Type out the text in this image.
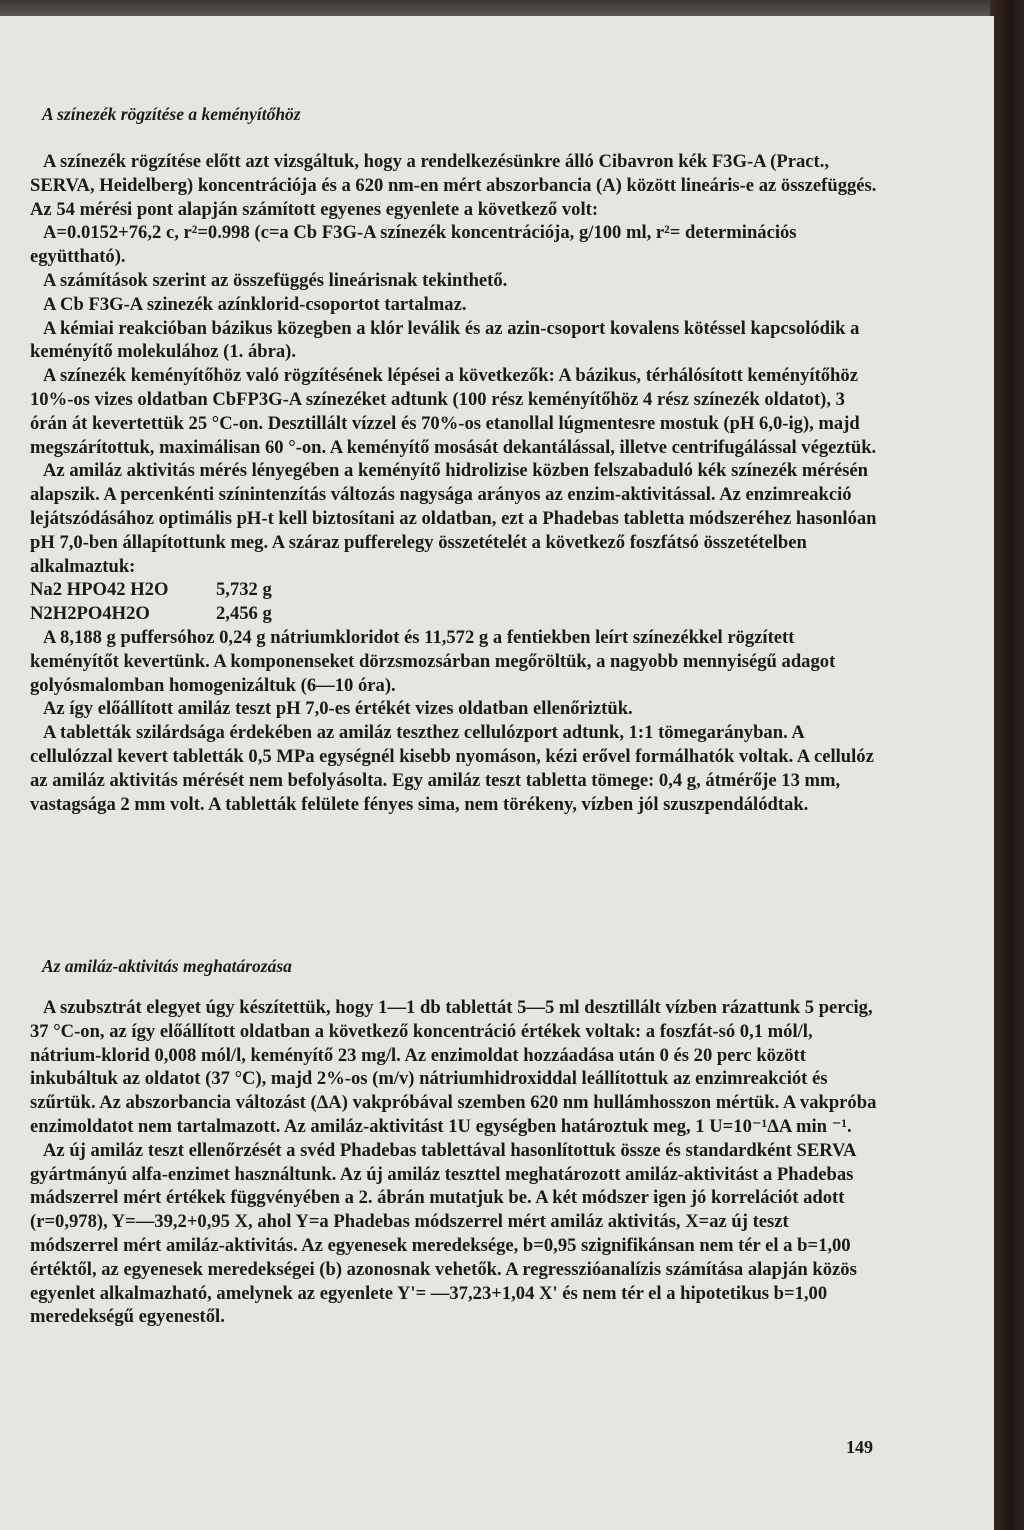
A színezék rögzítése a keményítőhöz

A színezék rögzítése előtt azt vizsgáltuk, hogy a rendelkezésünkre álló Cibavron kék F3G-A (Pract., SERVA, Heidelberg) koncentrációja és a 620 nm-en mért abszorbancia (A) között lineáris-e az összefüggés. Az 54 mérési pont alapján számított egyenes egyenlete a következő volt:

A=0.0152+76,2 c, r²=0.998 (c=a Cb F3G-A színezék koncentrációja, g/100 ml, r²= determinációs együttható).

A számítások szerint az összefüggés lineárisnak tekinthető.

A Cb F3G-A szinezék azínklorid-csoportot tartalmaz.

A kémiai reakcióban bázikus közegben a klór leválik és az azin-csoport kovalens kötéssel kapcsolódik a keményítő molekulához (1. ábra).

A színezék keményítőhöz való rögzítésének lépései a következők: A bázikus, térhálósított keményítőhöz 10%-os vizes oldatban CbFP3G-A színezéket adtunk (100 rész keményítőhöz 4 rész színezék oldatot), 3 órán át kevertettük 25 °C-on. Desztillált vízzel és 70%-os etanollal lúgmentesre mostuk (pH 6,0-ig), majd megszárítottuk, maximálisan 60 °-on. A keményítő mosását dekantálással, illetve centrifugálással végeztük.

Az amiláz aktivitás mérés lényegében a keményítő hidrolizise közben felszabaduló kék színezék mérésén alapszik. A percenkénti színintenzítás változás nagysága arányos az enzim-aktivitással. Az enzimreakció lejátszódásához optimális pH-t kell biztosítani az oldatban, ezt a Phadebas tabletta módszeréhez hasonlóan pH 7,0-ben állapítottunk meg. A száraz pufferelegy összetételét a következő foszfátsó összetételben alkalmaztuk:

Na2 HPO42 H2O	5,732 g
N2H2PO4H2O	2,456 g

A 8,188 g puffersóhoz 0,24 g nátriumkloridot és 11,572 g a fentiekben leírt színezékkel rögzített keményítőt kevertünk. A komponenseket dörzsmozsárban megőröltük, a nagyobb mennyiségű adagot golyósmalomban homogenizáltuk (6—10 óra).

Az így előállított amiláz teszt pH 7,0-es értékét vizes oldatban ellenőriztük.

A tabletták szilárdsága érdekében az amiláz teszthez cellulózport adtunk, 1:1 tömegarányban. A cellulózzal kevert tabletták 0,5 MPa egységnél kisebb nyomáson, kézi erővel formálhatók voltak. A cellulóz az amiláz aktivitás mérését nem befolyásolta. Egy amiláz teszt tabletta tömege: 0,4 g, átmérője 13 mm, vastagsága 2 mm volt. A tabletták felülete fényes sima, nem törékeny, vízben jól szuszpendálódtak.

Az amiláz-aktivitás meghatározása

A szubsztrát elegyet úgy készítettük, hogy 1—1 db tablettát 5—5 ml desztillált vízben rázattunk 5 percig, 37 °C-on, az így előállított oldatban a következő koncentráció értékek voltak: a foszfát-só 0,1 mól/l, nátrium-klorid 0,008 mól/l, keményítő 23 mg/l. Az enzimoldat hozzáadása után 0 és 20 perc között inkubáltuk az oldatot (37 °C), majd 2%-os (m/v) nátriumhidroxiddal leállítottuk az enzimreakciót és szűrtük. Az abszorbancia változást (ΔA) vakpróbával szemben 620 nm hullámhosszon mértük. A vakpróba enzimoldatot nem tartalmazott. Az amiláz-aktivitást 1U egységben határoztuk meg, 1 U=10⁻¹ΔA min ⁻¹.

Az új amiláz teszt ellenőrzését a svéd Phadebas tablettával hasonlítottuk össze és standardként SERVA gyártmányú alfa-enzimet használtunk. Az új amiláz teszttel meghatározott amiláz-aktivitást a Phadebas mádszerrel mért értékek függvényében a 2. ábrán mutatjuk be. A két módszer igen jó korrelációt adott (r=0,978), Y=—39,2+0,95 X, ahol Y=a Phadebas módszerrel mért amiláz aktivitás, X=az új teszt módszerrel mért amiláz-aktivitás. Az egyenesek meredeksége, b=0,95 szignifikánsan nem tér el a b=1,00 értéktől, az egyenesek meredekségei (b) azonosnak vehetők. A regresszióanalízis számítása alapján közös egyenlet alkalmazható, amelynek az egyenlete Y'= —37,23+1,04 X' és nem tér el a hipotetikus b=1,00 meredekségű egyenestől.

149
